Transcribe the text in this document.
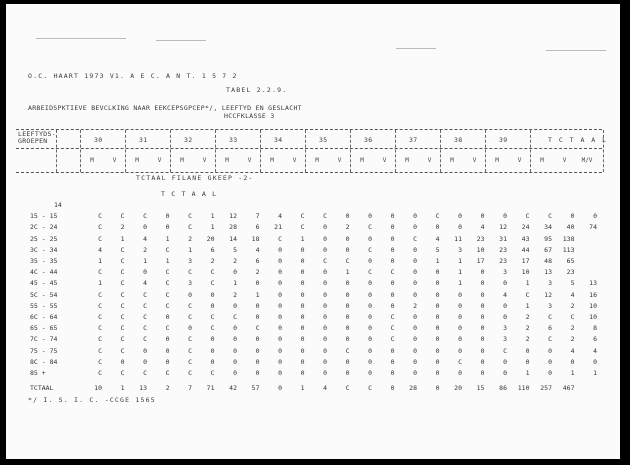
O.C. HAART 1973 V1. A E C. A N T. 1 5 7 2
TABEL 2.2.9.
ARBEIDSPKTIEVE BEVCLKING NAAR EEKCEPSGPCEP*/, LEEFTYD EN GESLACHT
HCCFKLASSE 3
LEEFTYDS-
GROEPEN	30	31	32	33	34	35	36	37	38	39	T C T A A L
M	V	M	V	M	V	M	V	M	V	M	V	M	V	M	V	M	V	M	V	M	V	M/V
TCTAAL FILANE GKEEP -2-
T C T A A L
14
15 - 15	C	C	C	0	C	1	12	7	4	C	C	0	0	0	0	C	0	0	0	C	C	0	0
2C - 24	C	2	0	0	C	1	28	6	21	C	0	2	C	0	0	0	0	4	12	24	34	40	74
25 - 25	C	1	4	1	2	20	14	18	C	1	0	0	0	0	C	4	11	23	31	43	95	138
3C - 34	4	C	2	C	1	6	5	4	0	0	0	0	C	0	0	5	3	10	23	44	67	113
35 - 35	1	C	1	1	3	2	2	6	0	0	C	C	0	0	0	1	1	17	23	17	48	65
4C - 44	C	C	0	C	C	C	0	2	0	0	0	1	C	C	0	0	1	0	3	10	13	23
45 - 45	1	C	4	C	3	C	1	0	0	0	0	0	0	0	0	0	1	0	0	1	3	5	13
5C - 54	C	C	C	C	0	0	2	1	0	0	0	0	0	0	0	0	0	0	4	C	12	4	16
55 - 55	C	C	C	C	C	0	0	0	0	0	0	0	0	0	2	0	0	0	0	1	3	2	10
6C - 64	C	C	C	0	C	C	C	0	0	0	0	0	0	C	0	0	0	0	0	2	C	C	10
65 - 65	C	C	C	C	0	C	0	C	0	0	0	0	0	C	0	0	0	0	3	2	6	2	8
7C - 74	C	C	C	0	C	0	0	0	0	0	0	0	0	C	0	0	0	0	3	2	C	2	6
75 - 75	C	C	0	0	C	0	0	0	0	0	0	C	0	0	0	0	0	0	C	0	0	4	4
8C - 84	C	0	0	0	C	0	0	0	0	0	0	0	0	0	0	0	C	0	0	0	0	0	0
85 +	C	C	C	C	C	C	0	0	0	0	0	0	0	0	0	0	0	0	0	1	0	1	1
TCTAAL	10	1	13	2	7	71	42	57	0	1	4	C	C	0	28	0	20	15	86	110	257	467
*/ I. S. I. C. -CCGE 1565
